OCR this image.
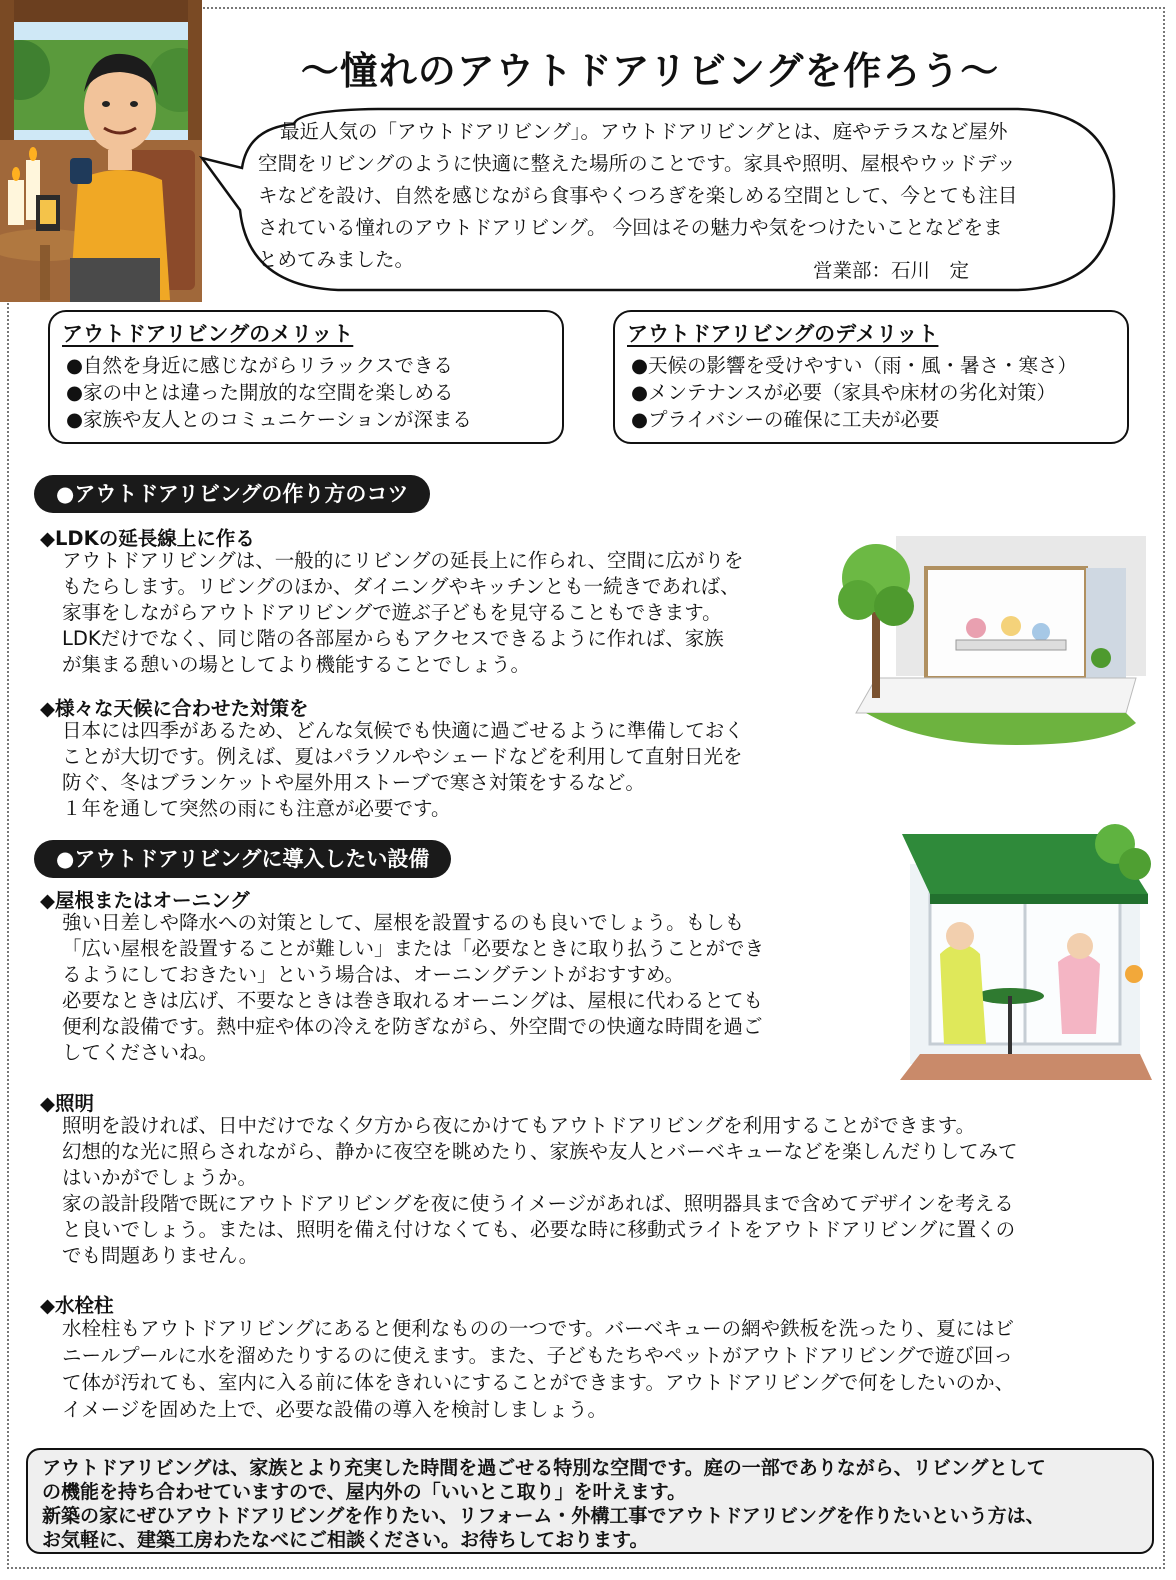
～憧れのアウトドアリビングを作ろう～

最近人気の「アウトドアリビング」。アウトドアリビングとは、庭やテラスなど屋外
空間をリビングのように快適に整えた場所のことです。家具や照明、屋根やウッドデッ
キなどを設け、自然を感じながら食事やくつろぎを楽しめる空間として、今とても注目
されている憧れのアウトドアリビング。 今回はその魅力や気をつけたいことなどをま
とめてみました。	営業部：石川　定

アウトドアリビングのメリット
●自然を身近に感じながらリラックスできる
●家の中とは違った開放的な空間を楽しめる
●家族や友人とのコミュニケーションが深まる
アウトドアリビングのデメリット
●天候の影響を受けやすい（雨・風・暑さ・寒さ）
●メンテナンスが必要（家具や床材の劣化対策）
●プライバシーの確保に工夫が必要
●アウトドアリビングの作り方のコツ

◆LDKの延長線上に作る

アウトドアリビングは、一般的にリビングの延長上に作られ、空間に広がりを
もたらします。リビングのほか、ダイニングやキッチンとも一続きであれば、
家事をしながらアウトドアリビングで遊ぶ子どもを見守ることもできます。
LDKだけでなく、同じ階の各部屋からもアクセスできるように作れば、家族
が集まる憩いの場としてより機能することでしょう。

◆様々な天候に合わせた対策を

日本には四季があるため、どんな気候でも快適に過ごせるように準備しておく
ことが大切です。例えば、夏はパラソルやシェードなどを利用して直射日光を
防ぐ、冬はブランケットや屋外用ストーブで寒さ対策をするなど。
１年を通して突然の雨にも注意が必要です。

●アウトドアリビングに導入したい設備

◆屋根またはオーニング

強い日差しや降水への対策として、屋根を設置するのも良いでしょう。もしも
「広い屋根を設置することが難しい」または「必要なときに取り払うことができ
るようにしておきたい」という場合は、オーニングテントがおすすめ。
必要なときは広げ、不要なときは巻き取れるオーニングは、屋根に代わるとても
便利な設備です。熱中症や体の冷えを防ぎながら、外空間での快適な時間を過ご
してくださいね。

◆照明

照明を設ければ、日中だけでなく夕方から夜にかけてもアウトドアリビングを利用することができます。
幻想的な光に照らされながら、静かに夜空を眺めたり、家族や友人とバーベキューなどを楽しんだりしてみて
はいかがでしょうか。
家の設計段階で既にアウトドアリビングを夜に使うイメージがあれば、照明器具まで含めてデザインを考える
と良いでしょう。または、照明を備え付けなくても、必要な時に移動式ライトをアウトドアリビングに置くの
でも問題ありません。

◆水栓柱

水栓柱もアウトドアリビングにあると便利なものの一つです。バーベキューの網や鉄板を洗ったり、夏にはビ
ニールプールに水を溜めたりするのに使えます。また、子どもたちやペットがアウトドアリビングで遊び回っ
て体が汚れても、室内に入る前に体をきれいにすることができます。アウトドアリビングで何をしたいのか、
イメージを固めた上で、必要な設備の導入を検討しましょう。

アウトドアリビングは、家族とより充実した時間を過ごせる特別な空間です。庭の一部でありながら、リビングとして
の機能を持ち合わせていますので、屋内外の「いいとこ取り」を叶えます。
新築の家にぜひアウトドアリビングを作りたい、リフォーム・外構工事でアウトドアリビングを作りたいという方は、
お気軽に、建築工房わたなべにご相談ください。お待ちしております。
